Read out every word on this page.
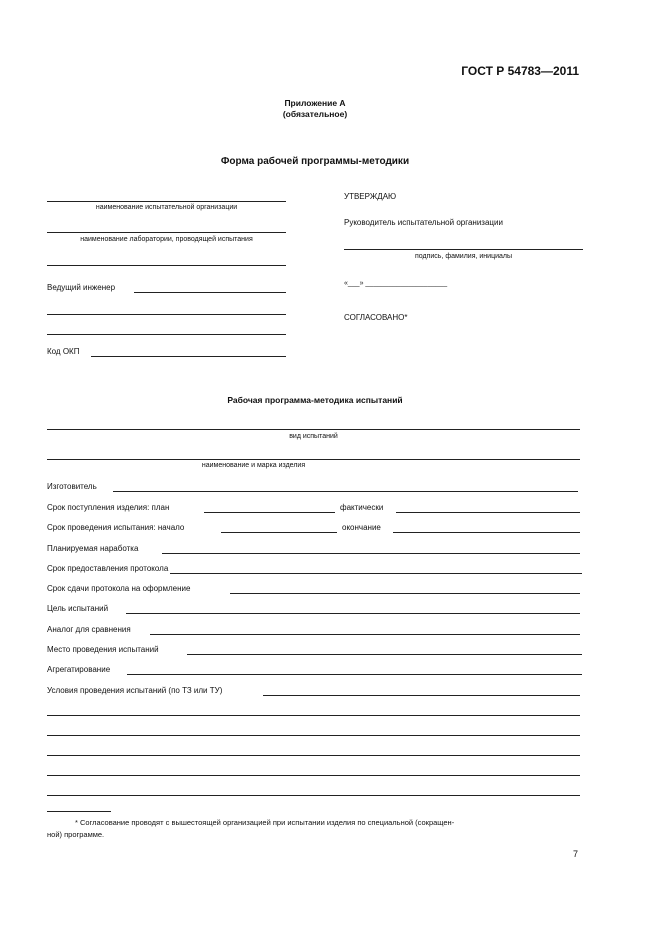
ГОСТ Р 54783—2011
Приложение А
(обязательное)
Форма рабочей программы-методики
наименование испытательной организации
наименование лаборатории, проводящей испытания
Ведущий инженер
Код ОКП
УТВЕРЖДАЮ
Руководитель испытательной организации
подпись, фамилия, инициалы
«___» _____________________
СОГЛАСОВАНО*
Рабочая программа-методика испытаний
вид испытаний
наименование и марка изделия
Изготовитель
Срок поступления изделия: план	фактически
Срок проведения испытания: начало	окончание
Планируемая наработка
Срок предоставления протокола
Срок сдачи протокола на оформление
Цель испытаний
Аналог для сравнения
Место проведения испытаний
Агрегатирование
Условия проведения испытаний (по ТЗ или ТУ)
* Согласование проводят с вышестоящей организацией при испытании изделия по специальной (сокращен-
ной) программе.
7
